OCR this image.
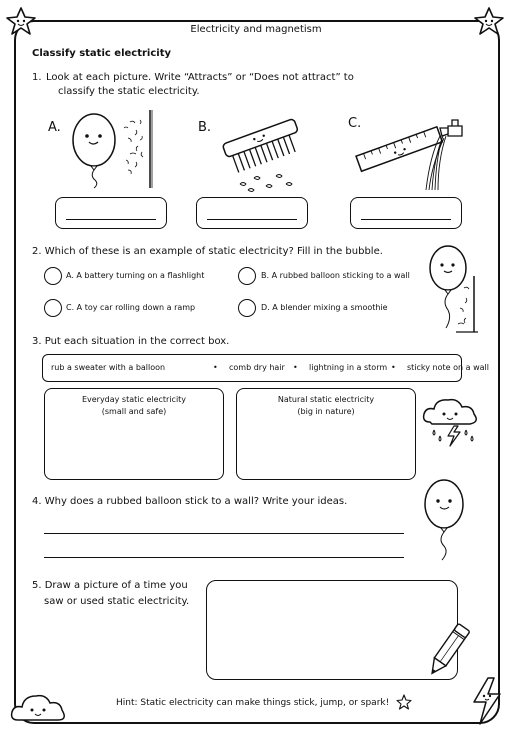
Electricity and magnetism
Classify static electricity
1. Look at each picture. Write “Attracts” or “Does not attract” to
classify the static electricity.
A.	B.	C.
2. Which of these is an example of static electricity? Fill in the bubble.
A. A battery turning on a flashlight	B. A rubbed balloon sticking to a wall
C. A toy car rolling down a ramp	D. A blender mixing a smoothie
3. Put each situation in the correct box.
rub a sweater with a balloon	• comb dry hair • lightning in a storm • sticky note on a wall
Everyday static electricity
(small and safe)
Natural static electricity
(big in nature)
4. Why does a rubbed balloon stick to a wall? Write your ideas.
5. Draw a picture of a time you
saw or used static electricity.
Hint: Static electricity can make things stick, jump, or spark!
